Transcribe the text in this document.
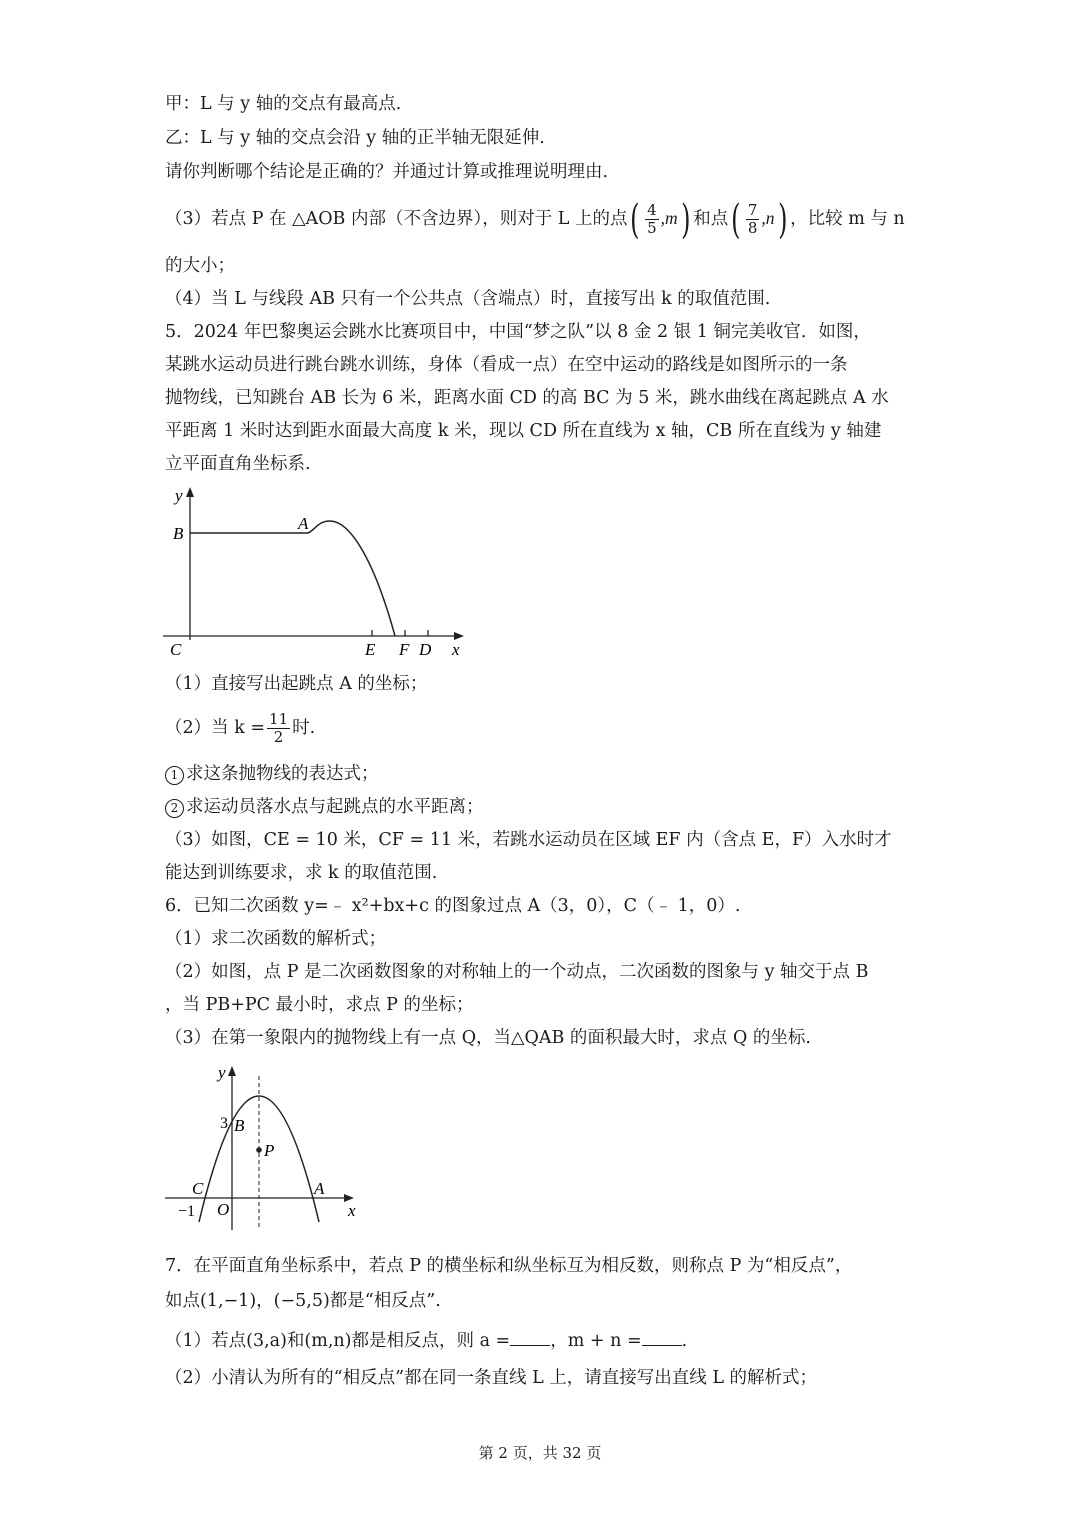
甲：L 与 y 轴的交点有最高点.
乙：L 与 y 轴的交点会沿 y 轴的正半轴无限延伸.
请你判断哪个结论是正确的？并通过计算或推理说明理由.
（3）若点 P 在 △AOB 内部（不含边界），则对于 L 上的点( $\frac{4}{5} ,m$) 和点( $\frac{7}{8} ,n$) ，比较 m 与 n
的大小；
（4）当 L 与线段 AB 只有一个公共点（含端点）时，直接写出 k 的取值范围.
5．2024 年巴黎奥运会跳水比赛项目中，中国“梦之队”以 8 金 2 银 1 铜完美收官．如图，
某跳水运动员进行跳台跳水训练，身体（看成一点）在空中运动的路线是如图所示的一条
抛物线，已知跳台 AB 长为 6 米，距离水面 CD 的高 BC 为 5 米，跳水曲线在离起跳点 A 水
平距离 1 米时达到距水面最大高度 k 米，现以 CD 所在直线为 x 轴，CB 所在直线为 y 轴建
立平面直角坐标系.
y
B
A
C	E F D x
（1）直接写出起跳点 A 的坐标；
（2）当 $k = \frac{11}{2}$ 时.
1 求这条抛物线的表达式；
2 求运动员落水点与起跳点的水平距离；
（3）如图，CE = 10 米，CF = 11 米，若跳水运动员在区域 EF 内（含点 E，F）入水时才
能达到训练要求，求 k 的取值范围.
6．已知二次函数 y=﹣ x²+bx+c 的图象过点 A（3，0），C（﹣ 1，0）.
（1）求二次函数的解析式；
（2）如图，点 P 是二次函数图象的对称轴上的一个动点，二次函数的图象与 y 轴交于点 B
，当 PB+PC 最小时，求点 P 的坐标；
（3）在第一象限内的抛物线上有一点 Q，当△QAB 的面积最大时，求点 Q 的坐标.
y
3 B
P
C	A
−1 O	x
7．在平面直角坐标系中，若点 P 的横坐标和纵坐标互为相反数，则称点 P 为“相反点”，
如点(1,−1)，(−5,5)都是“相反点”.
（1）若点(3,a)和(m,n)都是相反点，则 a = ，m + n = .
（2）小清认为所有的“相反点”都在同一条直线 L 上，请直接写出直线 L 的解析式；
第 2 页，共 32 页
